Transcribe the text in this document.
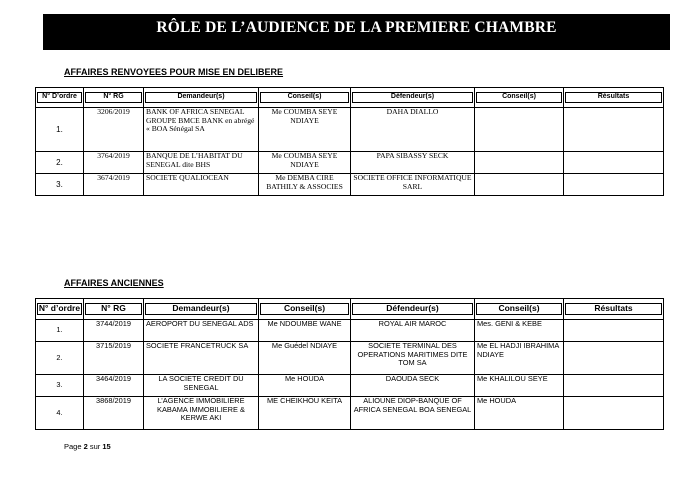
RÔLE DE L’AUDIENCE DE LA PREMIERE CHAMBRE
AFFAIRES RENVOYEES POUR MISE EN DELIBERE
N° D’ordre	N° RG	Demandeur(s)	Conseil(s)	Défendeur(s)	Conseil(s)	Résultats

1.	3206/2019	BANK OF AFRICA SENEGAL GROUPE BMCE BANK en abrégé « BOA Sénégal SA	Me COUMBA SEYE NDIAYE	DAHA DIALLO		
2.	3764/2019	BANQUE DE L’HABITAT DU SENEGAL dite BHS	Me COUMBA SEYE NDIAYE	PAPA SIBASSY SECK		
3.	3674/2019	SOCIETE QUALIOCEAN	Me DEMBA CIRE BATHILY & ASSOCIES	SOCIETE OFFICE INFORMATIQUE SARL		
AFFAIRES ANCIENNES
N° d’ordre	N° RG	Demandeur(s)	Conseil(s)	Défendeur(s)	Conseil(s)	Résultats

1.	3744/2019	AEROPORT DU SENEGAL ADS	Me NDOUMBE WANE	ROYAL AIR MAROC	Mes. GENI & KEBE	
2.	3715/2019	SOCIETE FRANCETRUCK SA	Me Guédel NDIAYE	SOCIETE TERMINAL DES OPERATIONS MARITIMES DITE TOM SA	Me EL HADJI IBRAHIMA NDIAYE	
3.	3464/2019	LA SOCIETE CREDIT DU SENEGAL	Me HOUDA	DAOUDA SECK	Me KHALILOU SEYE	
4.	3868/2019	L’AGENCE IMMOBILIERE KABAMA IMMOBILIERE & KERWE AKI	ME CHEIKHOU KEITA	ALIOUNE DIOP-BANQUE OF AFRICA SENEGAL BOA SENEGAL	Me HOUDA	
Page 2 sur 15
